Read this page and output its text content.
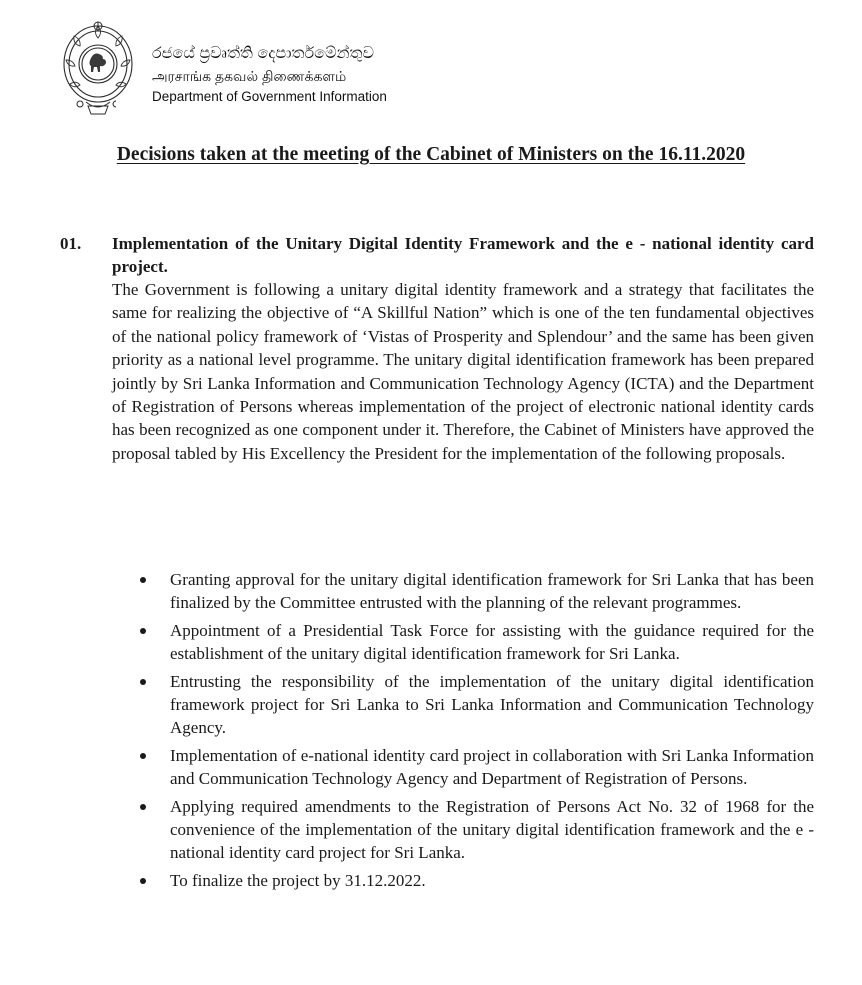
රජයේ ප්‍රවෘත්ති දෙපාර්තමේන්තුව
அரசாங்க தகவல் திணைக்களம்
Department of Government Information
Decisions taken at the meeting of the Cabinet of Ministers on the 16.11.2020
01. Implementation of the Unitary Digital Identity Framework and the e - national identity card project.

The Government is following a unitary digital identity framework and a strategy that facilitates the same for realizing the objective of “A Skillful Nation” which is one of the ten fundamental objectives of the national policy framework of ‘Vistas of Prosperity and Splendour’ and the same has been given priority as a national level programme. The unitary digital identification framework has been prepared jointly by Sri Lanka Information and Communication Technology Agency (ICTA) and the Department of Registration of Persons whereas implementation of the project of electronic national identity cards has been recognized as one component under it. Therefore, the Cabinet of Ministers have approved the proposal tabled by His Excellency the President for the implementation of the following proposals.

Granting approval for the unitary digital identification framework for Sri Lanka that has been finalized by the Committee entrusted with the planning of the relevant programmes.
Appointment of a Presidential Task Force for assisting with the guidance required for the establishment of the unitary digital identification framework for Sri Lanka.
Entrusting the responsibility of the implementation of the unitary digital identification framework project for Sri Lanka to Sri Lanka Information and Communication Technology Agency.
Implementation of e-national identity card project in collaboration with Sri Lanka Information and Communication Technology Agency and Department of Registration of Persons.
Applying required amendments to the Registration of Persons Act No. 32 of 1968 for the convenience of the implementation of the unitary digital identification framework and the e - national identity card project for Sri Lanka.
To finalize the project by 31.12.2022.
